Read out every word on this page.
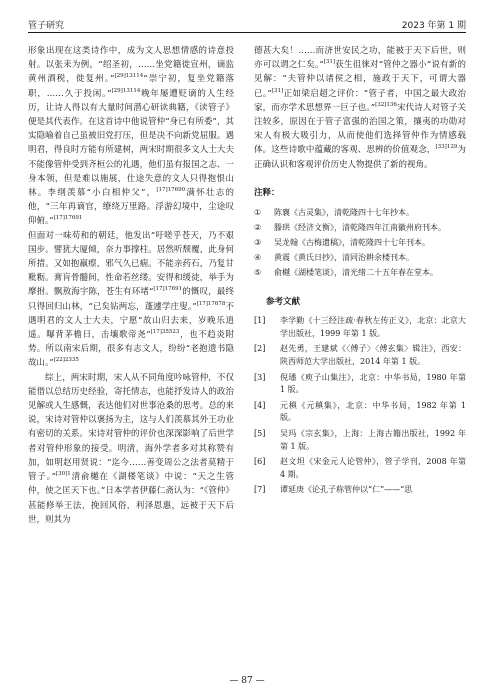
管子研究	2023 年第 1 期

形象出现在这类诗作中，成为文人思想情感的诗意投射。以张耒为例，“绍圣初，……坐党籍徙宣州，谪监黄州酒税，徙复州。”$^{[29]13114}$“崇宁初，复坐党籍落职，……久于投闲。”$^{[29]13114}$晚年屡遭贬谪的人生经历，让诗人得以有大量时间潜心研读典籍，《读管子》便是其代表作。在这首诗中他说管仲“身已有所委”，其实隐喻着自己虽被旧党打压，但是决不向新党屈服。遇明君，得良时方能有所建树，两宋时期很多文人士大夫不能像管仲受到齐桓公的礼遇，他们虽有报国之志、一身本领，但是难以施展，仕途失意的文人只得抱恨山林。李纲羡慕“小白相仲父”，$^{[17]17690}$满怀壮志的他，“三年再谪官，缭绕万里路。浮游幻境中，尘途叹仰俯。”$^{[17]17691}$

但面对一味苟和的朝廷，他发出“吁嗟乎苍天，乃不艰国步。譬犹大厦倾，奈力事撑柱。居然听颓覆，此身何所措。又如抱羸瘵，邪气久已痼。不能亲药石，乃复甘粃粝。膏肓骨髓间，性命若丝缕。安得和缓徒，举手为摩拊。飘敖海宇陈，苍生有环堵”$^{[17]17691}$的慨叹，最终只得回归山林，“已矣钻两忘，蓬遽学庄叟。”$^{[17]17678}$不遇明君的文人士大夫，宁愿“故山归去来，岁晚乐逍遥。曝背茅檐日，击壤歌帝尧”$^{[17]35523}$，也不趋炎附势。所以南宋后期，很多有志文人，纷纷“老抱遗书隐故山。”$^{[22]2335}$

综上，两宋时期，宋人从不同角度吟咏管仲，不仅能借以总结历史经验，寄托情志，也能抒发诗人的政治见解或人生感慨，表达他们对世事沧桑的思考。总的来说，宋诗对管仲以褒扬为主，这与人们羡慕其外王功业有密切的关系。宋诗对管仲的评价也深深影响了后世学者对管仲形象的接受。明清，海外学者多对其称赞有加，如明赵用贤说：“迄今……善变周公之法者莫精于管子。”$^{[30]1}$清俞樾在《湖楼笔谈》中说：“天之生管仲，使之匡天下也。”日本学者伊藤仁斋认为：“《管仲》甚能修举王法，挽回风俗，利泽恩惠，远被于天下后世，则其为

德甚大矣！……而济世安民之功，能被于天下后世，则亦可以谓之仁矣。”[31]获生徂徕对“管仲之器小”说有新的见解：“夫管仲以诸侯之相，施政于天下，可谓大器已。”[31]正如梁启超之评价：“管子者，中国之最大政治家，而亦学术思想界一巨子也。”$^{[32]136}$宋代诗人对管子关注较多，原因在于管子富强的治国之策，攘夷的功勋对宋人有极大吸引力，从而使他们选择管仲作为情感载体。这些诗歌中蕴藏的客观、思辨的价值观念，$^{[33]129}$为正确认识和客观评价历史人物提供了新的视角。

注释：
①	陈襄《古灵集》，清乾隆四十七年抄本。
②	滕珙《经济文衡》，清乾隆四年江南徽州府刊本。
③	吴龙翰《古梅遗稿》，清乾隆四十七年刊本。
④	黄震《黄氏日抄》，清同治耕余楼刊本。
⑤	俞樾《湖楼笔谈》，清光绪二十五年春在堂本。
参考文献
[1]	李学勤《十三经注疏·春秋左传正义》，北京：北京大学出版社，1999 年第 1 版。
[2]	赵先勇，王建斌《〈傅子〉〈傅玄集〉辑注》，西安：陕西师范大学出版社，2014 年第 1 版。
[3]	倪璠《庾子山集注》，北京：中华书局，1980 年第 1 版。
[4]	元稹《元稹集》，北京：中华书局，1982 年第 1 版。
[5]	吴玛《宗玄集》，上海：上海古籍出版社，1992 年第 1 版。
[6]	赵文坦《宋金元人论管仲》，管子学刊，2008 年第 4 期。
[7]	谭延庚《论孔子称管仲以“仁”——“思
— 87 —
